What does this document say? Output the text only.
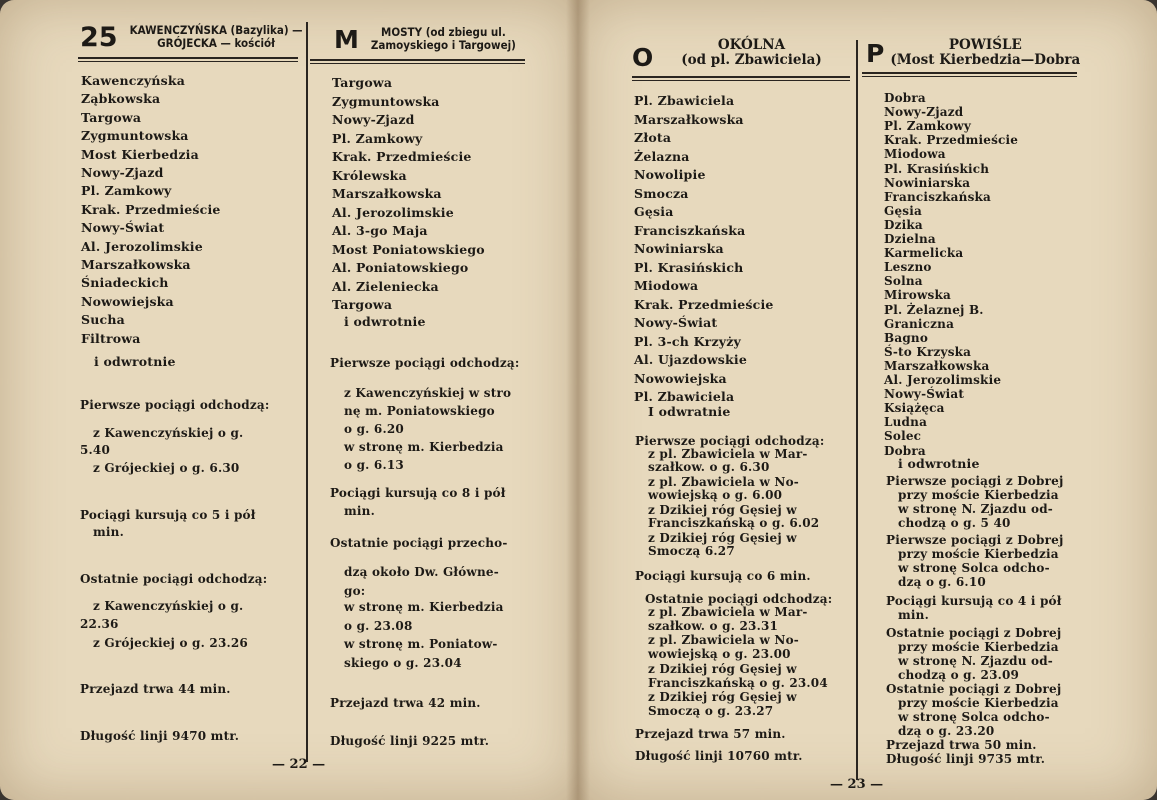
25 KAWENCZYŃSKA (Bazylika) —
GRÓJECKA — kościół	M	MOSTY (od zbiegu ul.
Zamoyskiego i Targowej)	O	OKÓLNA
(od pl. Zbawiciela) P	POWIŚLE
(Most Kierbedzia—Dobra
Kawenczyńska
Ząbkowska
Targowa
Zygmuntowska
Most Kierbedzia
Nowy-Zjazd
Pl. Zamkowy
Krak. Przedmieście
Nowy-Świat
Al. Jerozolimskie
Marszałkowska
Śniadeckich
Nowowiejska
Sucha
Filtrowa
i odwrotnie
Pierwsze pociągi odchodzą:
z Kawenczyńskiej o g.
5.40
z Grójeckiej o g. 6.30
Pociągi kursują co 5 i pół
min.
Ostatnie pociągi odchodzą:
z Kawenczyńskiej o g.
22.36
z Grójeckiej o g. 23.26
Przejazd trwa 44 min.
Długość linji 9470 mtr.
Targowa
Zygmuntowska
Nowy-Zjazd
Pl. Zamkowy
Krak. Przedmieście
Królewska
Marszałkowska
Al. Jerozolimskie
Al. 3-go Maja
Most Poniatowskiego
Al. Poniatowskiego
Al. Zieleniecka
Targowa
i odwrotnie
Pierwsze pociągi odchodzą:
z Kawenczyńskiej w stro
nę m. Poniatowskiego
o g. 6.20
w stronę m. Kierbedzia
o g. 6.13
Pociągi kursują co 8 i pół
min.
Ostatnie pociągi przecho-
dzą około Dw. Główne-
go:
w stronę m. Kierbedzia
o g. 23.08
w stronę m. Poniatow-
skiego o g. 23.04
Przejazd trwa 42 min.
Długość linji 9225 mtr.
Pl. Zbawiciela
Marszałkowska
Złota
Żelazna
Nowolipie
Smocza
Gęsia
Franciszkańska
Nowiniarska
Pl. Krasińskich
Miodowa
Krak. Przedmieście
Nowy-Świat
Pl. 3-ch Krzyży
Al. Ujazdowskie
Nowowiejska
Pl. Zbawiciela
I odwratnie
Pierwsze pociągi odchodzą:
z pl. Zbawiciela w Mar-
szałkow. o g. 6.30
z pl. Zbawiciela w No-
wowiejską o g. 6.00
z Dzikiej róg Gęsiej w
Franciszkańską o g. 6.02
z Dzikiej róg Gęsiej w
Smoczą 6.27
Pociągi kursują co 6 min.
Ostatnie pociągi odchodzą:
z pl. Zbawiciela w Mar-
szałkow. o g. 23.31
z pl. Zbawiciela w No-
wowiejską o g. 23.00
z Dzikiej róg Gęsiej w
Franciszkańską o g. 23.04
z Dzikiej róg Gęsiej w
Smoczą o g. 23.27
Przejazd trwa 57 min.
Długość linji 10760 mtr.
Dobra
Nowy-Zjazd
Pl. Zamkowy
Krak. Przedmieście
Miodowa
Pl. Krasińskich
Nowiniarska
Franciszkańska
Gęsia
Dzika
Dzielna
Karmelicka
Leszno
Solna
Mirowska
Pl. Żelaznej B.
Graniczna
Bagno
Ś-to Krzyska
Marszałkowska
Al. Jerozolimskie
Nowy-Świat
Książęca
Ludna
Solec
Dobra
i odwrotnie
Pierwsze pociągi z Dobrej
przy moście Kierbedzia
w stronę N. Zjazdu od-
chodzą o g. 5 40
Pierwsze pociągi z Dobrej
przy moście Kierbedzia
w stronę Solca odcho-
dzą o g. 6.10
Pociągi kursują co 4 i pół
min.
Ostatnie pociągi z Dobrej
przy moście Kierbedzia
w stronę N. Zjazdu od-
chodzą o g. 23.09
Ostatnie pociągi z Dobrej
przy moście Kierbedzia
w stronę Solca odcho-
dzą o g. 23.20
Przejazd trwa 50 min.
Długość linji 9735 mtr.
— 22 —
— 23 —
